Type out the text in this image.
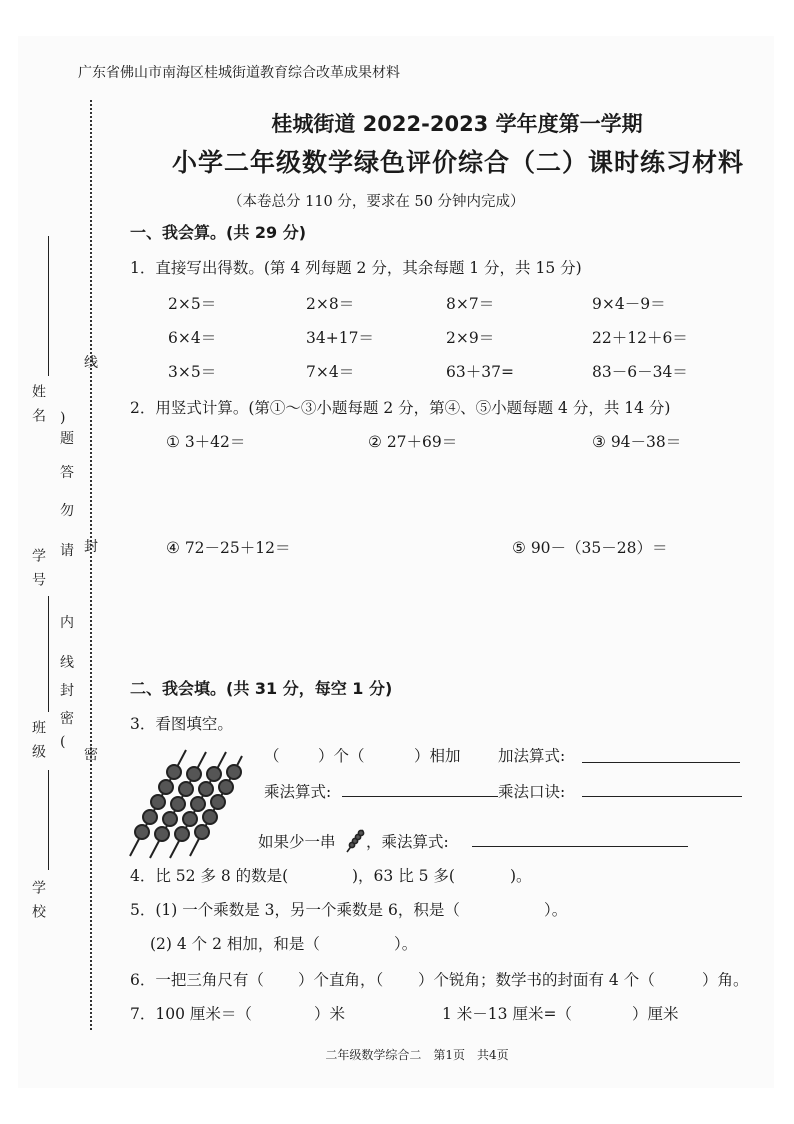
广东省佛山市南海区桂城街道教育综合改革成果材料
线
封
密
(
密
封
线
内
请
勿
答
题
)
姓名
学号
班级
学校
桂城街道 2022-2023 学年度第一学期
小学二年级数学绿色评价综合（二）课时练习材料
（本卷总分 110 分，要求在 50 分钟内完成）
一、我会算。(共 29 分)
1．直接写出得数。(第 4 列每题 2 分，其余每题 1 分，共 15 分)
2×5＝	2×8＝	8×7＝	9×4－9＝
6×4＝	34+17＝	2×9＝	22＋12＋6＝
3×5＝	7×4＝	63＋37=	83－6－34＝
2．用竖式计算。(第①～③小题每题 2 分，第④、⑤小题每题 4 分，共 14 分)
① 3＋42＝	② 27＋69＝	③ 94－38＝
④ 72－25＋12＝	⑤ 90－（35－28）＝
二、我会填。(共 31 分，每空 1 分)
3．看图填空。
（ ）个（	）相加 加法算式:
乘法算式:	乘法口诀:
如果少一串 ，乘法算式:
4．比 52 多 8 的数是(	)，63 比 5 多(	)。
5．(1) 一个乘数是 3，另一个乘数是 6，积是（	）。
(2) 4 个 2 相加，和是（	）。
6．一把三角尺有（ ）个直角，（ ）个锐角；数学书的封面有 4 个（	）角。
7．100 厘米＝（	）米	1 米－13 厘米=（	）厘米
二年级数学综合二　第1页　共4页
